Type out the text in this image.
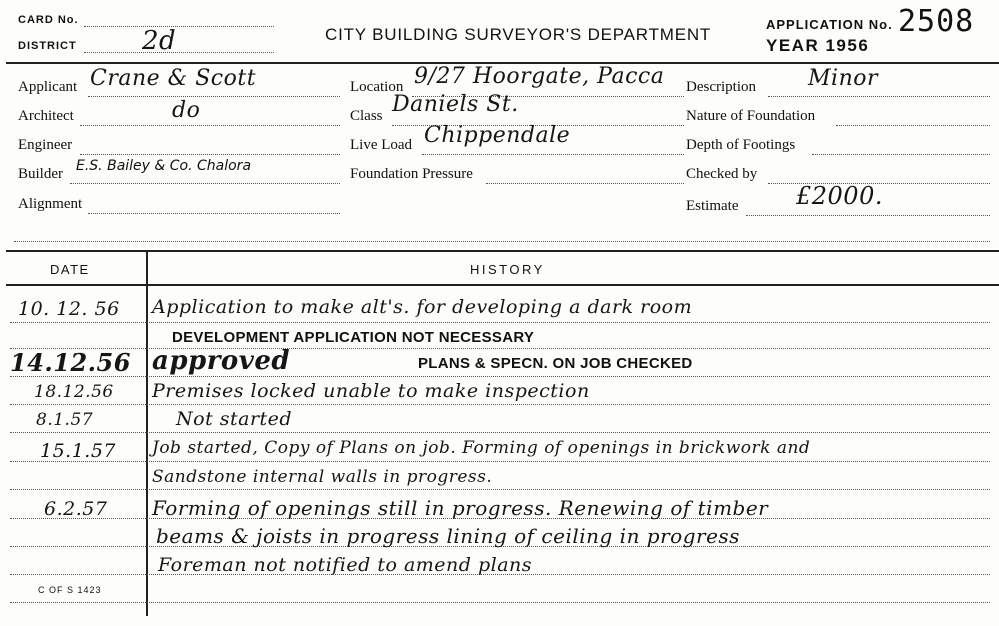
CARD No.
DISTRICT	2d	CITY BUILDING SURVEYOR'S DEPARTMENT
APPLICATION No. 2508
YEAR 1956
Applicant Crane & Scott
Architect	do
Engineer
Builder E.S. Bailey & Co. Chalora
Alignment
Location 9/27 Hoorgate, Pacca
Class Daniels St.
Live Load Chippendale
Foundation Pressure
Description Minor
Nature of Foundation
Depth of Footings
Checked by
Estimate £2000.
DATE	HISTORY
10. 12. 56 Application to make alt's. for developing a dark room
DEVELOPMENT APPLICATION NOT NECESSARY
14.12.56 approved	PLANS & SPECN. ON JOB CHECKED
18.12.56 Premises locked unable to make inspection
8.1.57	Not started
15.1.57 Job started, Copy of Plans on job. Forming of openings in brickwork and
Sandstone internal walls in progress.
6.2.57 Forming of openings still in progress. Renewing of timber
beams & joists in progress lining of ceiling in progress
Foreman not notified to amend plans
C OF S 1423
